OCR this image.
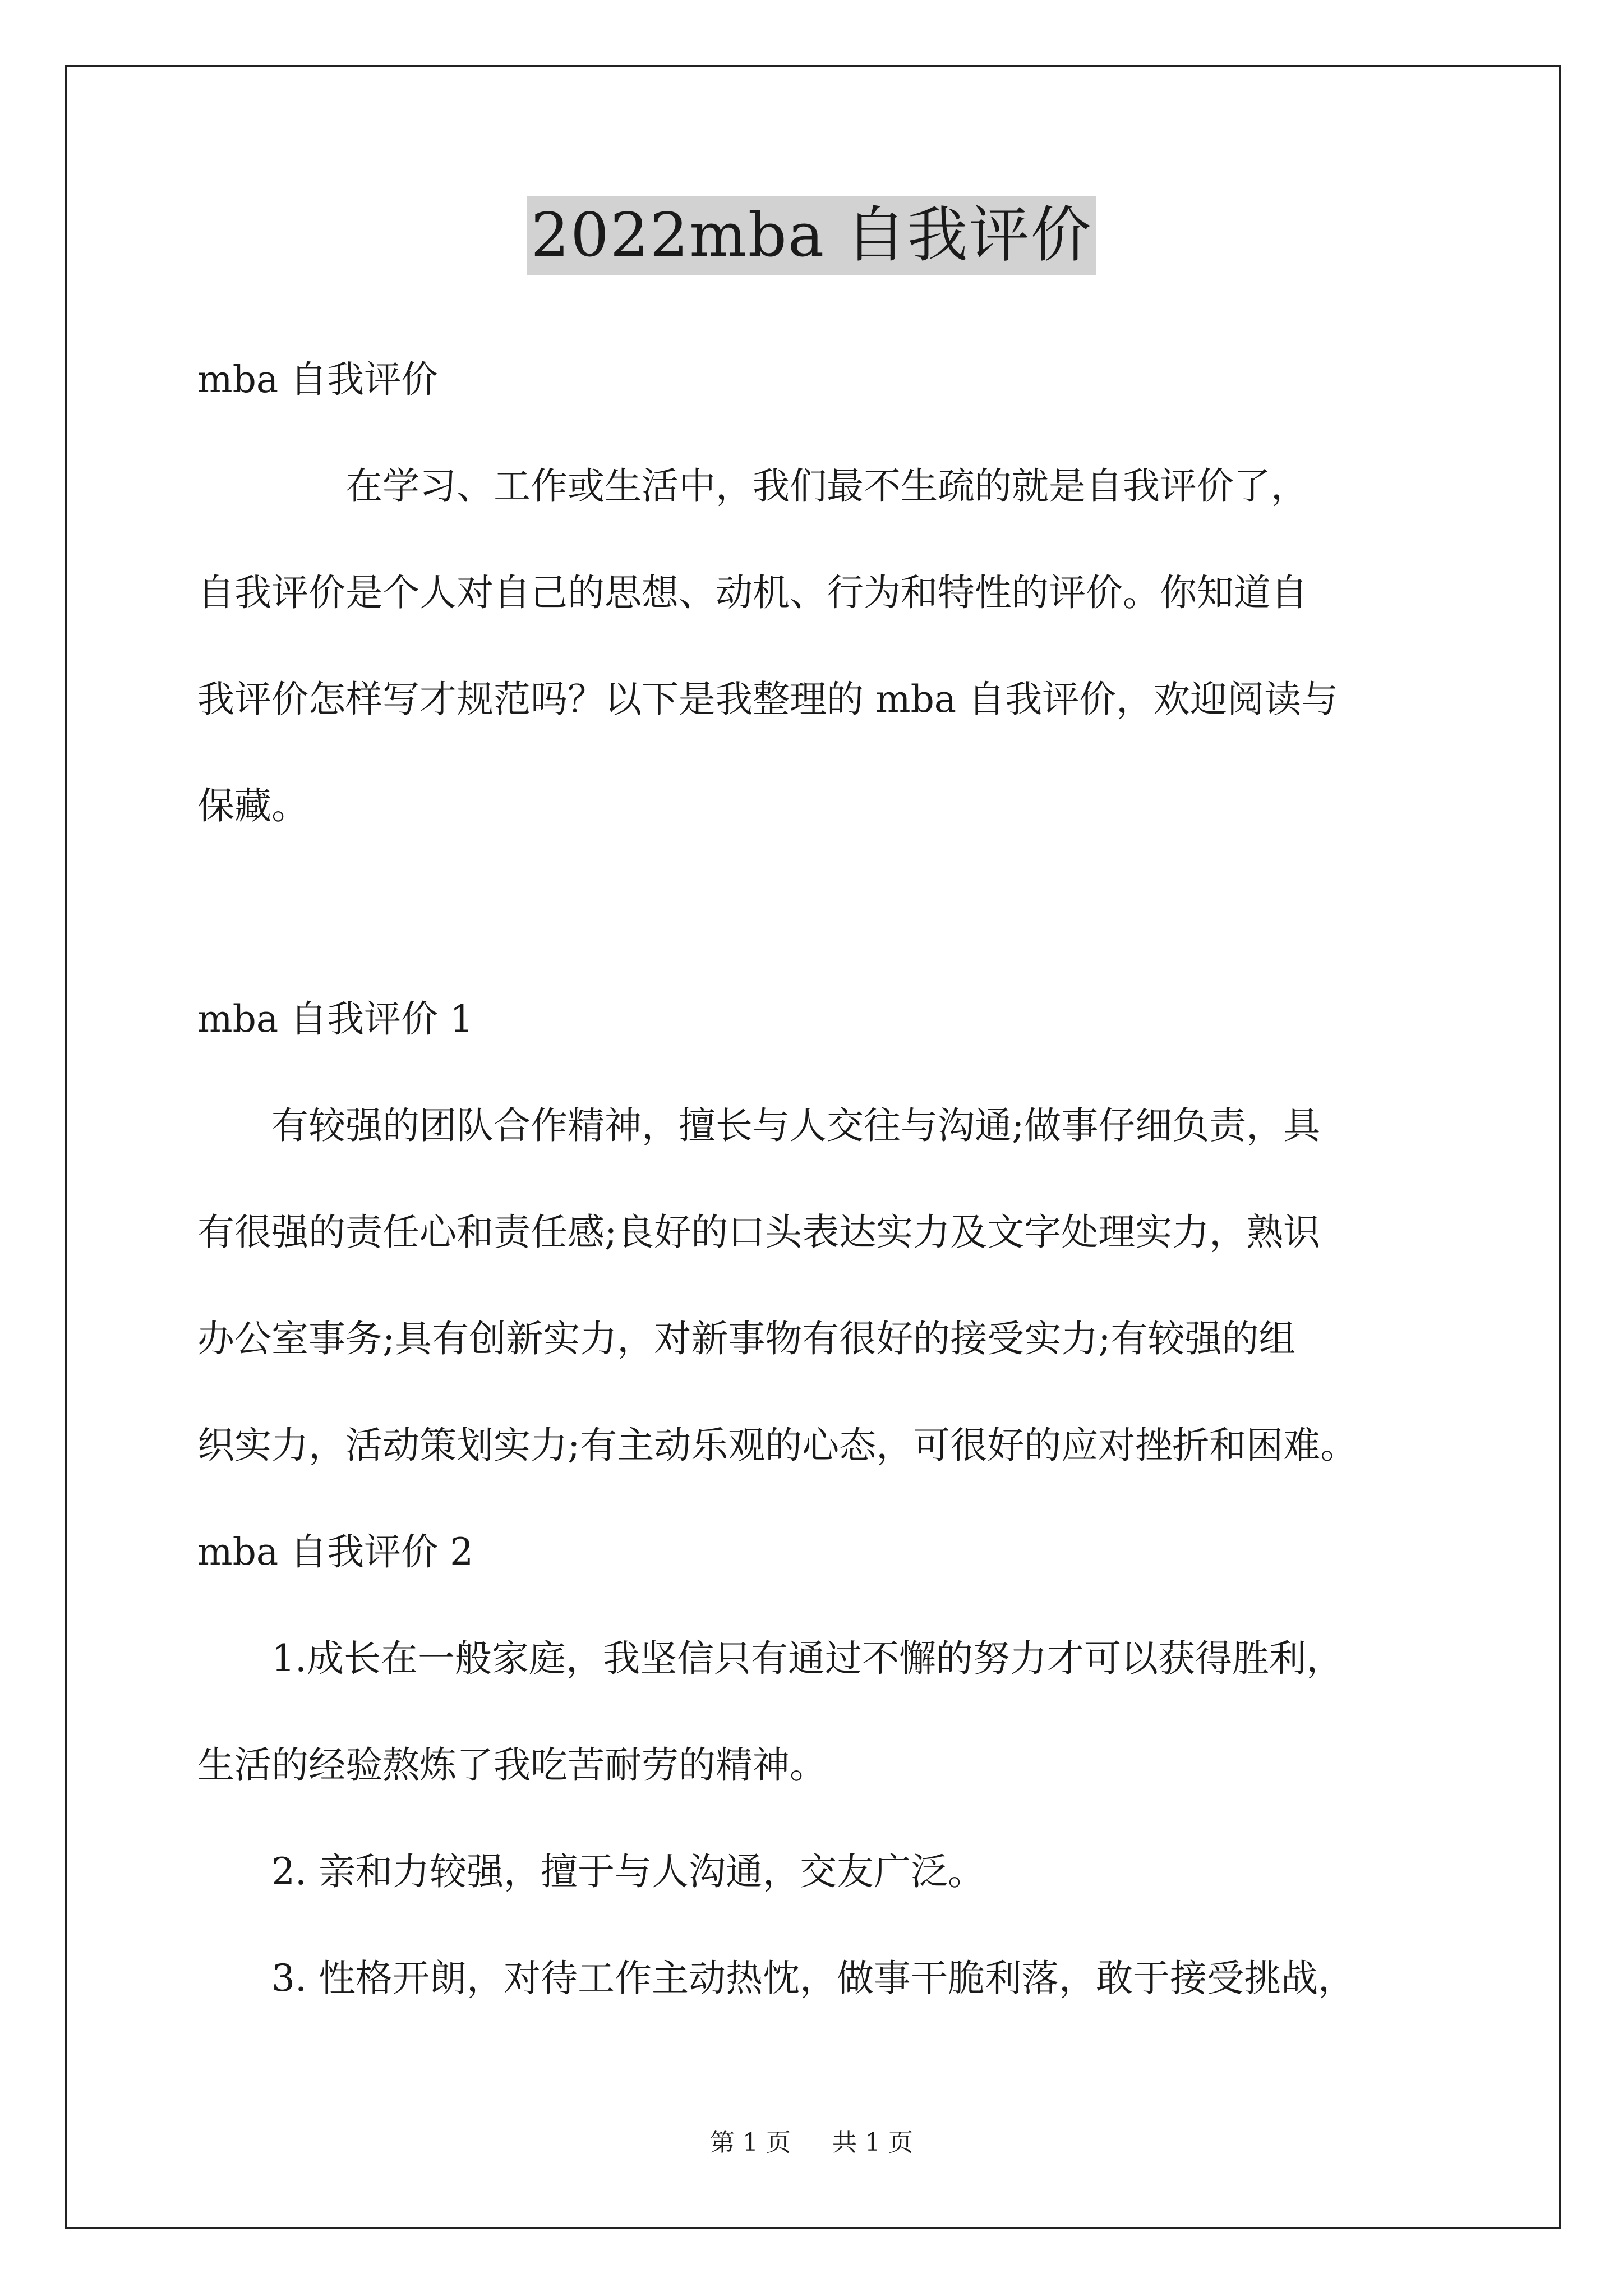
2022mba 自我评价
mba 自我评价
　　　　在学习、工作或生活中，我们最不生疏的就是自我评价了，
自我评价是个人对自己的思想、动机、行为和特性的评价。你知道自
我评价怎样写才规范吗？以下是我整理的 mba 自我评价，欢迎阅读与
保藏。
mba 自我评价 1
　　有较强的团队合作精神，擅长与人交往与沟通;做事仔细负责，具
有很强的责任心和责任感;良好的口头表达实力及文字处理实力，熟识
办公室事务;具有创新实力，对新事物有很好的接受实力;有较强的组
织实力，活动策划实力;有主动乐观的心态，可很好的应对挫折和困难。
mba 自我评价 2
　　1.成长在一般家庭，我坚信只有通过不懈的努力才可以获得胜利，
生活的经验熬炼了我吃苦耐劳的精神。
　　2. 亲和力较强，擅于与人沟通，交友广泛。
　　3. 性格开朗，对待工作主动热忱，做事干脆利落，敢于接受挑战，
第 1 页 共 1 页
